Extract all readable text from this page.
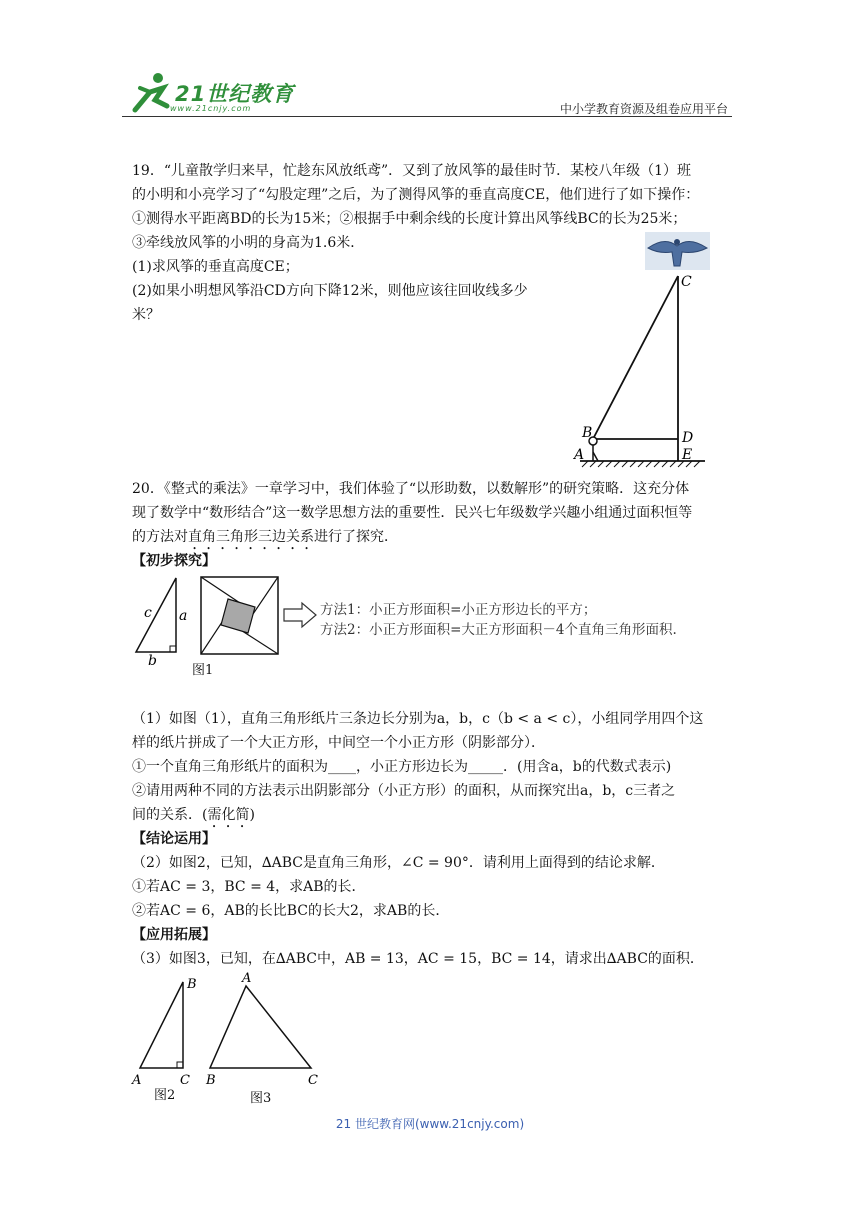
21世纪教育
www.21cnjy.com	中小学教育资源及组卷应用平台
19．“儿童散学归来早，忙趁东风放纸鸢”．又到了放风筝的最佳时节．某校八年级（1）班
的小明和小亮学习了“勾股定理”之后，为了测得风筝的垂直高度CE，他们进行了如下操作：
①测得水平距离BD的长为15米；②根据手中剩余线的长度计算出风筝线BC的长为25米；
③牵线放风筝的小明的身高为1.6米．
(1)求风筝的垂直高度CE；
(2)如果小明想风筝沿CD方向下降12米，则他应该往回收线多少
米？
C
B	D
A	E
20．《整式的乘法》一章学习中，我们体验了“以形助数，以数解形”的研究策略．这充分体
现了数学中“数形结合”这一数学思想方法的重要性．民兴七年级数学兴趣小组通过面积恒等
的方法对直角三角形三边关系进行了探究．
【初步探究】
c a
b
图1
方法1：小正方形面积=小正方形边长的平方；
方法2：小正方形面积=大正方形面积－4个直角三角形面积.
（1）如图（1），直角三角形纸片三条边长分别为a，b，c（b < a < c），小组同学用四个这
样的纸片拼成了一个大正方形，中间空一个小正方形（阴影部分）．
①一个直角三角形纸片的面积为____，小正方形边长为_____．(用含a，b的代数式表示)
②请用两种不同的方法表示出阴影部分（小正方形）的面积，从而探究出a，b，c三者之
间的关系．(需化简)
【结论运用】
（2）如图2，已知，∆ABC是直角三角形，∠C = 90°．请利用上面得到的结论求解．
①若AC = 3，BC = 4，求AB的长．
②若AC = 6，AB的长比BC的长大2，求AB的长．
【应用拓展】
（3）如图3，已知，在∆ABC中，AB = 13，AC = 15，BC = 14，请求出∆ABC的面积．
B
A	C
A
B	C
图2	图3
21 世纪教育网(www.21cnjy.com)
